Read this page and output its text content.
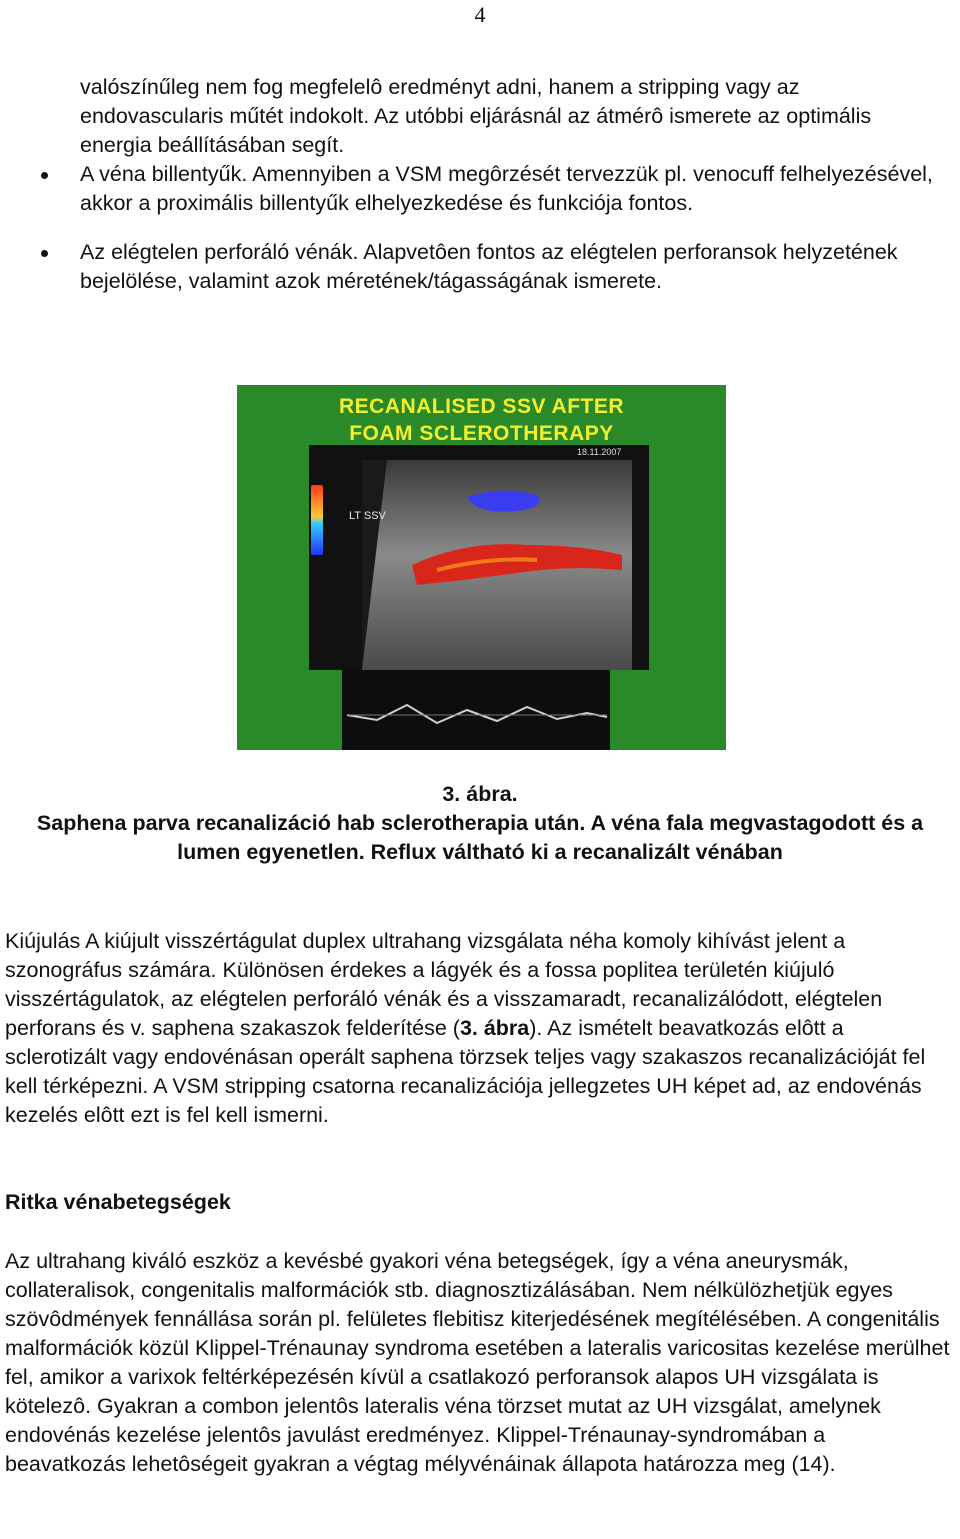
4

valószínűleg nem fog megfelelô eredményt adni, hanem a stripping vagy az endovascularis műtét indokolt. Az utóbbi eljárásnál az átmérô ismerete az optimális energia beállításában segít.

A véna billentyűk. Amennyiben a VSM megôrzését tervezzük pl. venocuff felhelyezésével, akkor a proximális billentyűk elhelyezkedése és funkciója fontos.
Az elégtelen perforáló vénák. Alapvetôen fontos az elégtelen perforansok helyzetének bejelölése, valamint azok méretének/tágasságának ismerete.
RECANALISED SSV AFTER
FOAM SCLEROTHERAPY
LT SSV
18.11.2007
3. ábra.
Saphena parva recanalizáció hab sclerotherapia után. A véna fala megvastagodott és a lumen egyenetlen. Reflux váltható ki a recanalizált vénában

Kiújulás A kiújult visszértágulat duplex ultrahang vizsgálata néha komoly kihívást jelent a szonográfus számára. Különösen érdekes a lágyék és a fossa poplitea területén kiújuló visszértágulatok, az elégtelen perforáló vénák és a visszamaradt, recanalizálódott, elégtelen perforans és v. saphena szakaszok felderítése (3. ábra). Az ismételt beavatkozás elôtt a sclerotizált vagy endovénásan operált saphena törzsek teljes vagy szakaszos recanalizációját fel kell térképezni. A VSM stripping csatorna recanalizációja jellegzetes UH képet ad, az endovénás kezelés elôtt ezt is fel kell ismerni.

Ritka vénabetegségek

Az ultrahang kiváló eszköz a kevésbé gyakori véna betegségek, így a véna aneurysmák, collateralisok, congenitalis malformációk stb. diagnosztizálásában. Nem nélkülözhetjük egyes szövôdmények fennállása során pl. felületes flebitisz kiterjedésének megítélésében. A congenitális malformációk közül Klippel-Trénaunay syndroma esetében a lateralis varicositas kezelése merülhet fel, amikor a varixok feltérképezésén kívül a csatlakozó perforansok alapos UH vizsgálata is kötelezô. Gyakran a combon jelentôs lateralis véna törzset mutat az UH vizsgálat, amelynek endovénás kezelése jelentôs javulást eredményez. Klippel-Trénaunay-syndromában a beavatkozás lehetôségeit gyakran a végtag mélyvénáinak állapota határozza meg (14).
